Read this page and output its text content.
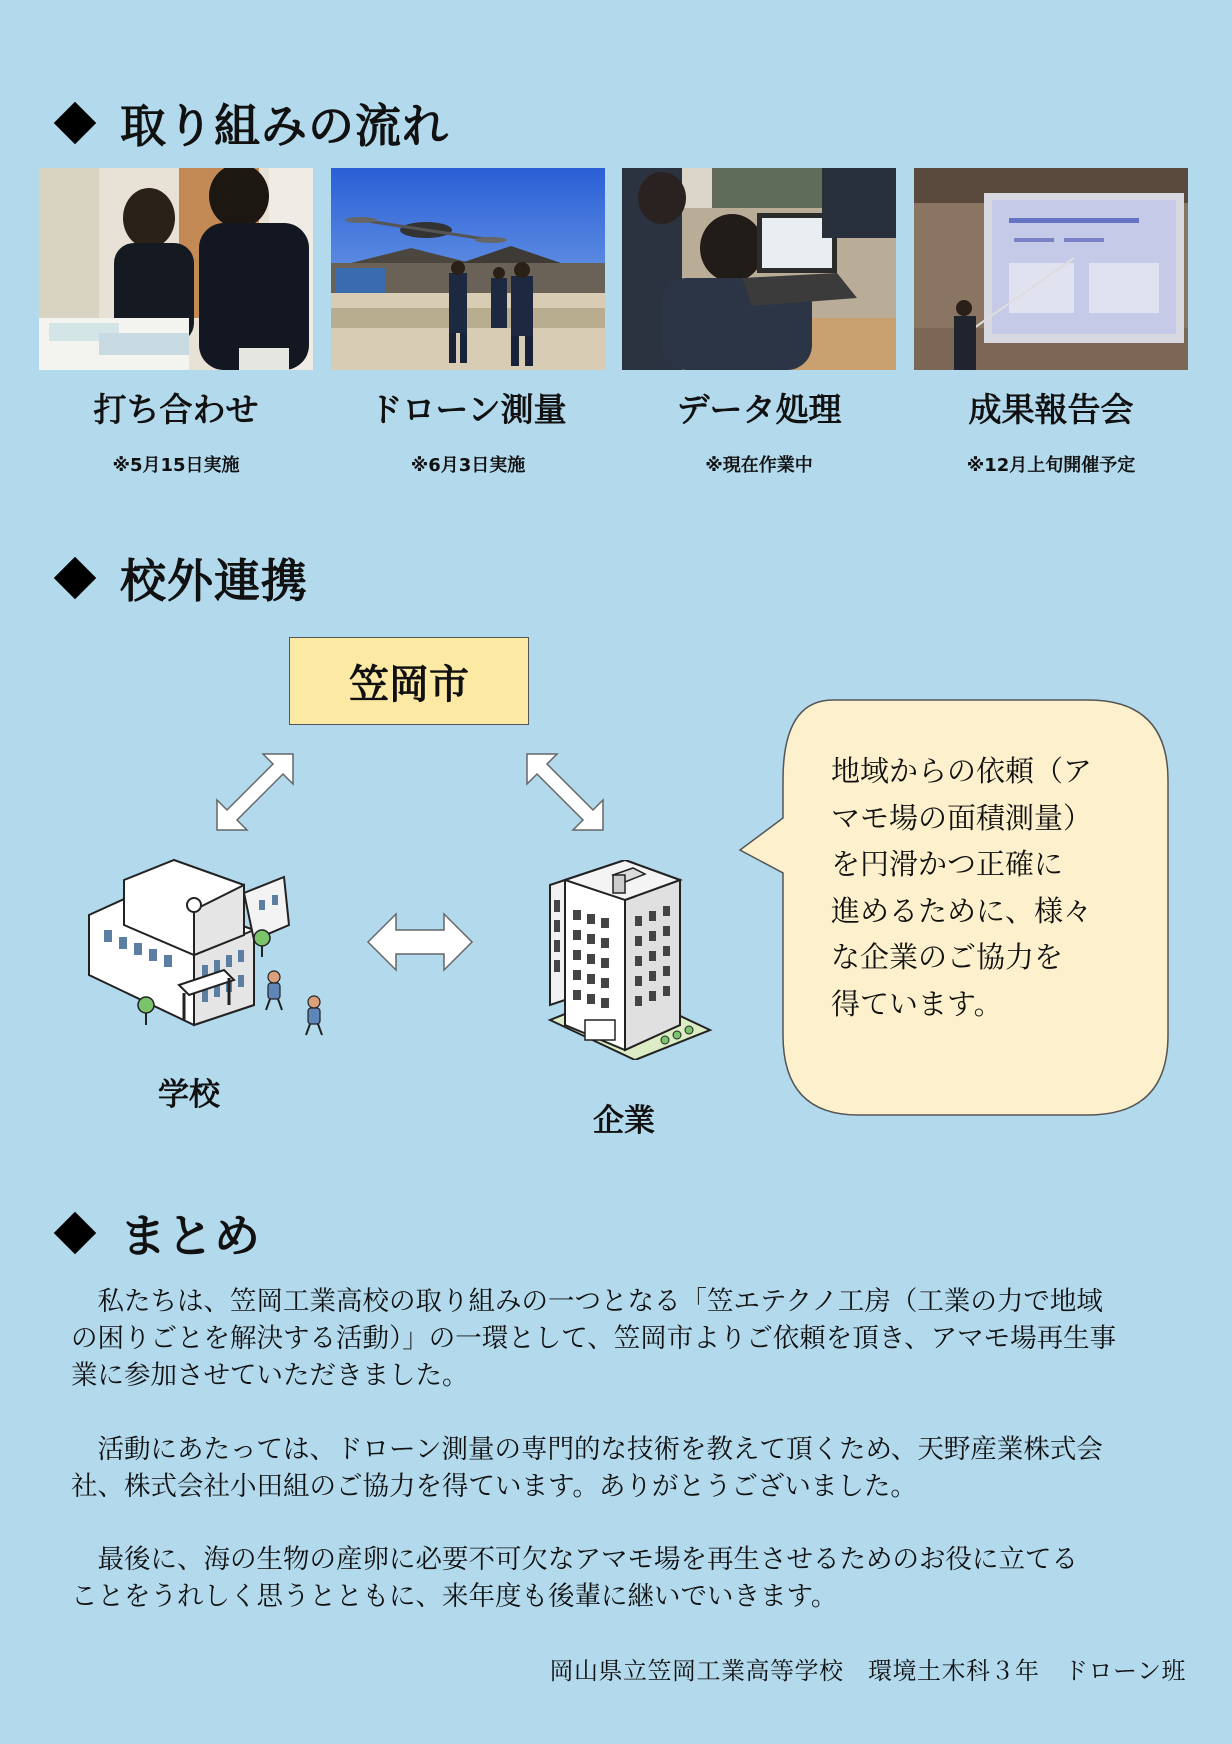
取り組みの流れ
打ち合わせ	ドローン測量	データ処理	成果報告会
※5月15日実施	※6月3日実施	※現在作業中	※12月上旬開催予定
校外連携
笠岡市
学校
企業
地域からの依頼（ア
マモ場の面積測量）
を円滑かつ正確に
進めるために、様々
な企業のご協力を
得ています。
まとめ

　私たちは、笠岡工業高校の取り組みの一つとなる「笠エテクノ工房（工業の力で地域
の困りごとを解決する活動）」の一環として、笠岡市よりご依頼を頂き、アマモ場再生事
業に参加させていただきました。

　活動にあたっては、ドローン測量の専門的な技術を教えて頂くため、天野産業株式会
社、株式会社小田組のご協力を得ています。ありがとうございました。

　最後に、海の生物の産卵に必要不可欠なアマモ場を再生させるためのお役に立てる
ことをうれしく思うとともに、来年度も後輩に継いでいきます。

岡山県立笠岡工業高等学校　環境土木科３年　ドローン班
